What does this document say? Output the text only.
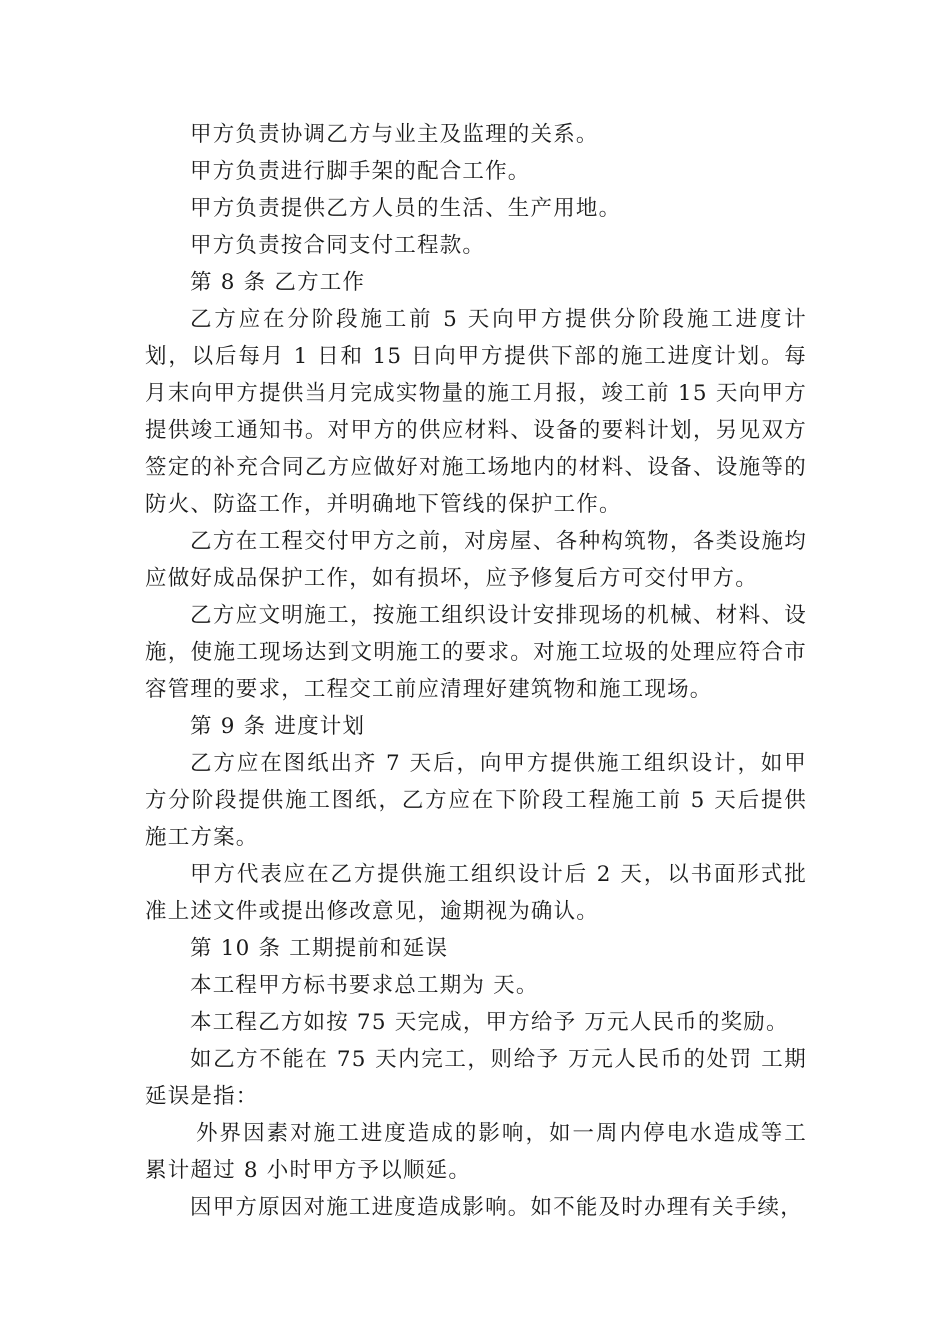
甲方负责协调乙方与业主及监理的关系。

甲方负责进行脚手架的配合工作。

甲方负责提供乙方人员的生活、生产用地。

甲方负责按合同支付工程款。

第 8 条 乙方工作

乙方应在分阶段施工前 5 天向甲方提供分阶段施工进度计划，以后每月 1 日和 15 日向甲方提供下部的施工进度计划。每月末向甲方提供当月完成实物量的施工月报，竣工前 15 天向甲方提供竣工通知书。对甲方的供应材料、设备的要料计划，另见双方签定的补充合同乙方应做好对施工场地内的材料、设备、设施等的防火、防盗工作，并明确地下管线的保护工作。

乙方在工程交付甲方之前，对房屋、各种构筑物，各类设施均应做好成品保护工作，如有损坏，应予修复后方可交付甲方。

乙方应文明施工，按施工组织设计安排现场的机械、材料、设施，使施工现场达到文明施工的要求。对施工垃圾的处理应符合市容管理的要求，工程交工前应清理好建筑物和施工现场。

第 9 条 进度计划

乙方应在图纸出齐 7 天后，向甲方提供施工组织设计，如甲方分阶段提供施工图纸，乙方应在下阶段工程施工前 5 天后提供施工方案。

甲方代表应在乙方提供施工组织设计后 2 天，以书面形式批准上述文件或提出修改意见，逾期视为确认。

第 10 条 工期提前和延误

本工程甲方标书要求总工期为 天。

本工程乙方如按 75 天完成，甲方给予 万元人民币的奖励。

如乙方不能在 75 天内完工，则给予 万元人民币的处罚 工期延误是指：

外界因素对施工进度造成的影响，如一周内停电水造成等工累计超过 8 小时甲方予以顺延。

因甲方原因对施工进度造成影响。如不能及时办理有关手续，
